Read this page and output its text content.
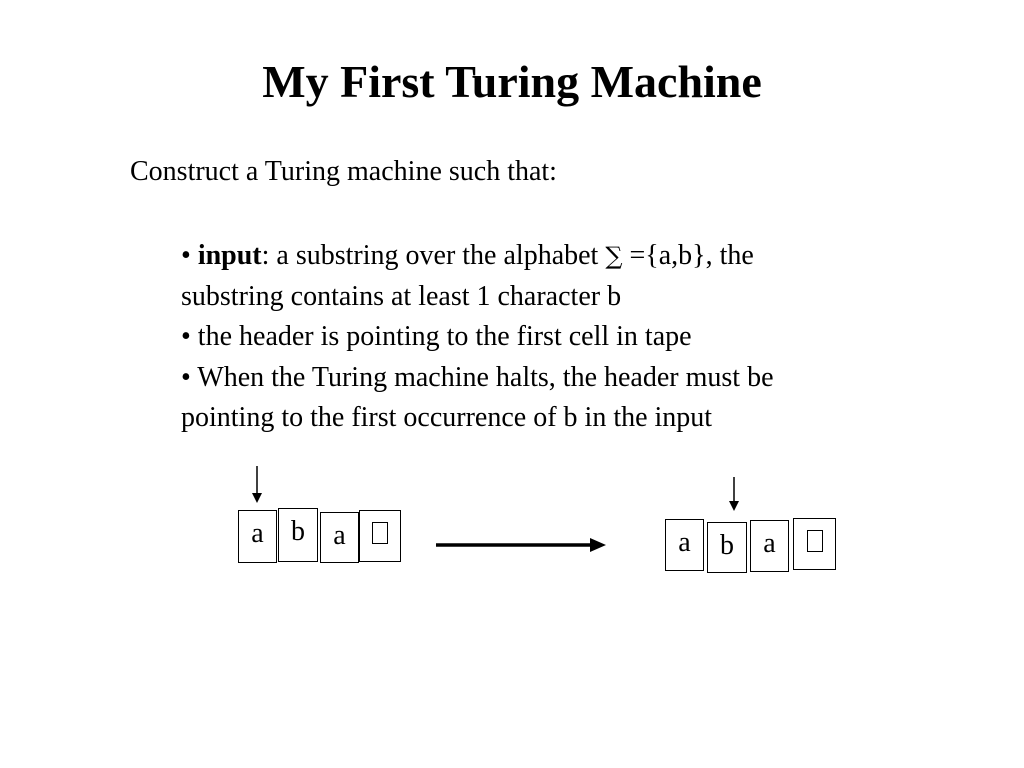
My First Turing Machine

Construct a Turing machine such that:

• input: a substring over the alphabet ∑ ={a,b}, the
substring contains at least 1 character b
• the header is pointing to the first cell in tape
• When the Turing machine halts, the header must be
pointing to the first occurrence of b in the input
a b	a	a	b	a
